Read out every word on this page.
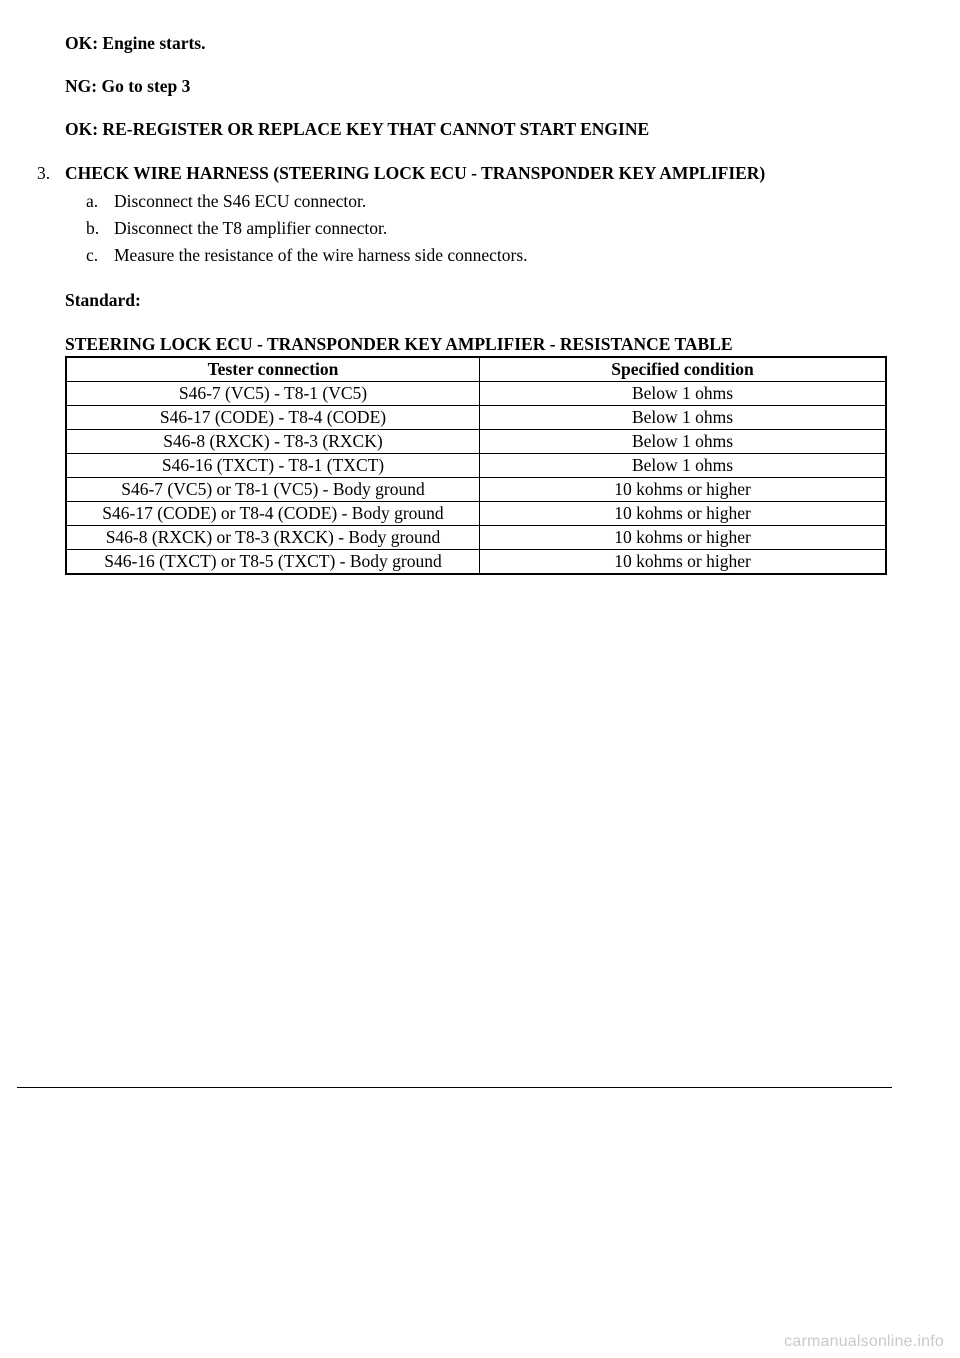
OK: Engine starts.
NG: Go to step 3
OK: RE-REGISTER OR REPLACE KEY THAT CANNOT START ENGINE
3. CHECK WIRE HARNESS (STEERING LOCK ECU - TRANSPONDER KEY AMPLIFIER)
a. Disconnect the S46 ECU connector.
b. Disconnect the T8 amplifier connector.
c. Measure the resistance of the wire harness side connectors.
Standard:
STEERING LOCK ECU - TRANSPONDER KEY AMPLIFIER - RESISTANCE TABLE
Tester connection	Specified condition
S46-7 (VC5) - T8-1 (VC5)	Below 1 ohms
S46-17 (CODE) - T8-4 (CODE)	Below 1 ohms
S46-8 (RXCK) - T8-3 (RXCK)	Below 1 ohms
S46-16 (TXCT) - T8-1 (TXCT)	Below 1 ohms
S46-7 (VC5) or T8-1 (VC5) - Body ground	10 kohms or higher
S46-17 (CODE) or T8-4 (CODE) - Body ground	10 kohms or higher
S46-8 (RXCK) or T8-3 (RXCK) - Body ground	10 kohms or higher
S46-16 (TXCT) or T8-5 (TXCT) - Body ground	10 kohms or higher
carmanualsonline.info
